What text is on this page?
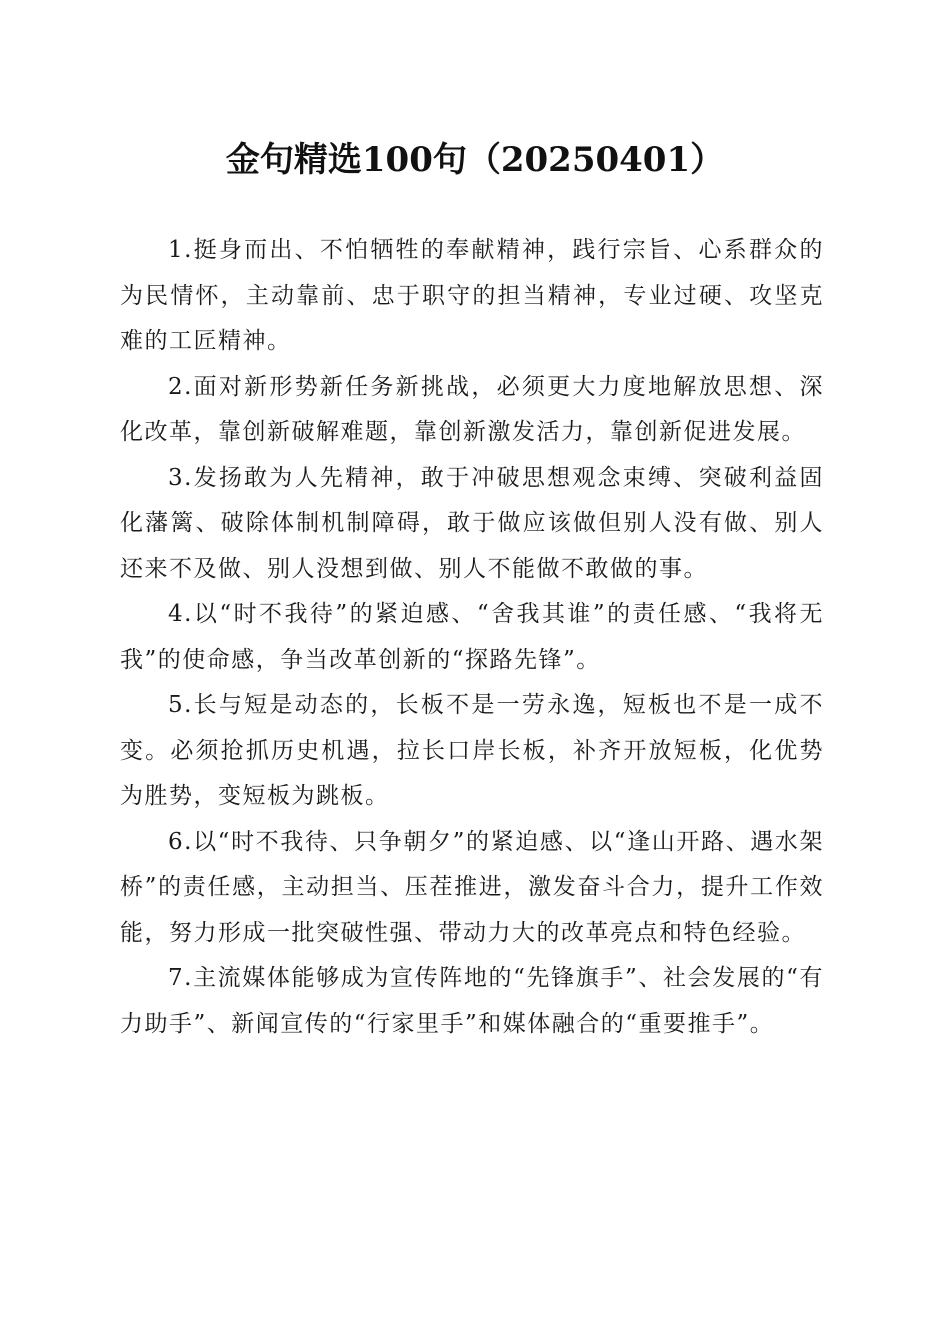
金句精选100句（20250401）

1.挺身而出、不怕牺牲的奉献精神，践行宗旨、心系群众的为民情怀，主动靠前、忠于职守的担当精神，专业过硬、攻坚克难的工匠精神。

2.面对新形势新任务新挑战，必须更大力度地解放思想、深化改革，靠创新破解难题，靠创新激发活力，靠创新促进发展。

3.发扬敢为人先精神，敢于冲破思想观念束缚、突破利益固化藩篱、破除体制机制障碍，敢于做应该做但别人没有做、别人还来不及做、别人没想到做、别人不能做不敢做的事。

4.以“时不我待”的紧迫感、“舍我其谁”的责任感、“我将无我”的使命感，争当改革创新的“探路先锋”。

5.长与短是动态的，长板不是一劳永逸，短板也不是一成不变。必须抢抓历史机遇，拉长口岸长板，补齐开放短板，化优势为胜势，变短板为跳板。

6.以“时不我待、只争朝夕”的紧迫感、以“逢山开路、遇水架桥”的责任感，主动担当、压茬推进，激发奋斗合力，提升工作效能，努力形成一批突破性强、带动力大的改革亮点和特色经验。

7.主流媒体能够成为宣传阵地的“先锋旗手”、社会发展的“有力助手”、新闻宣传的“行家里手”和媒体融合的“重要推手”。
